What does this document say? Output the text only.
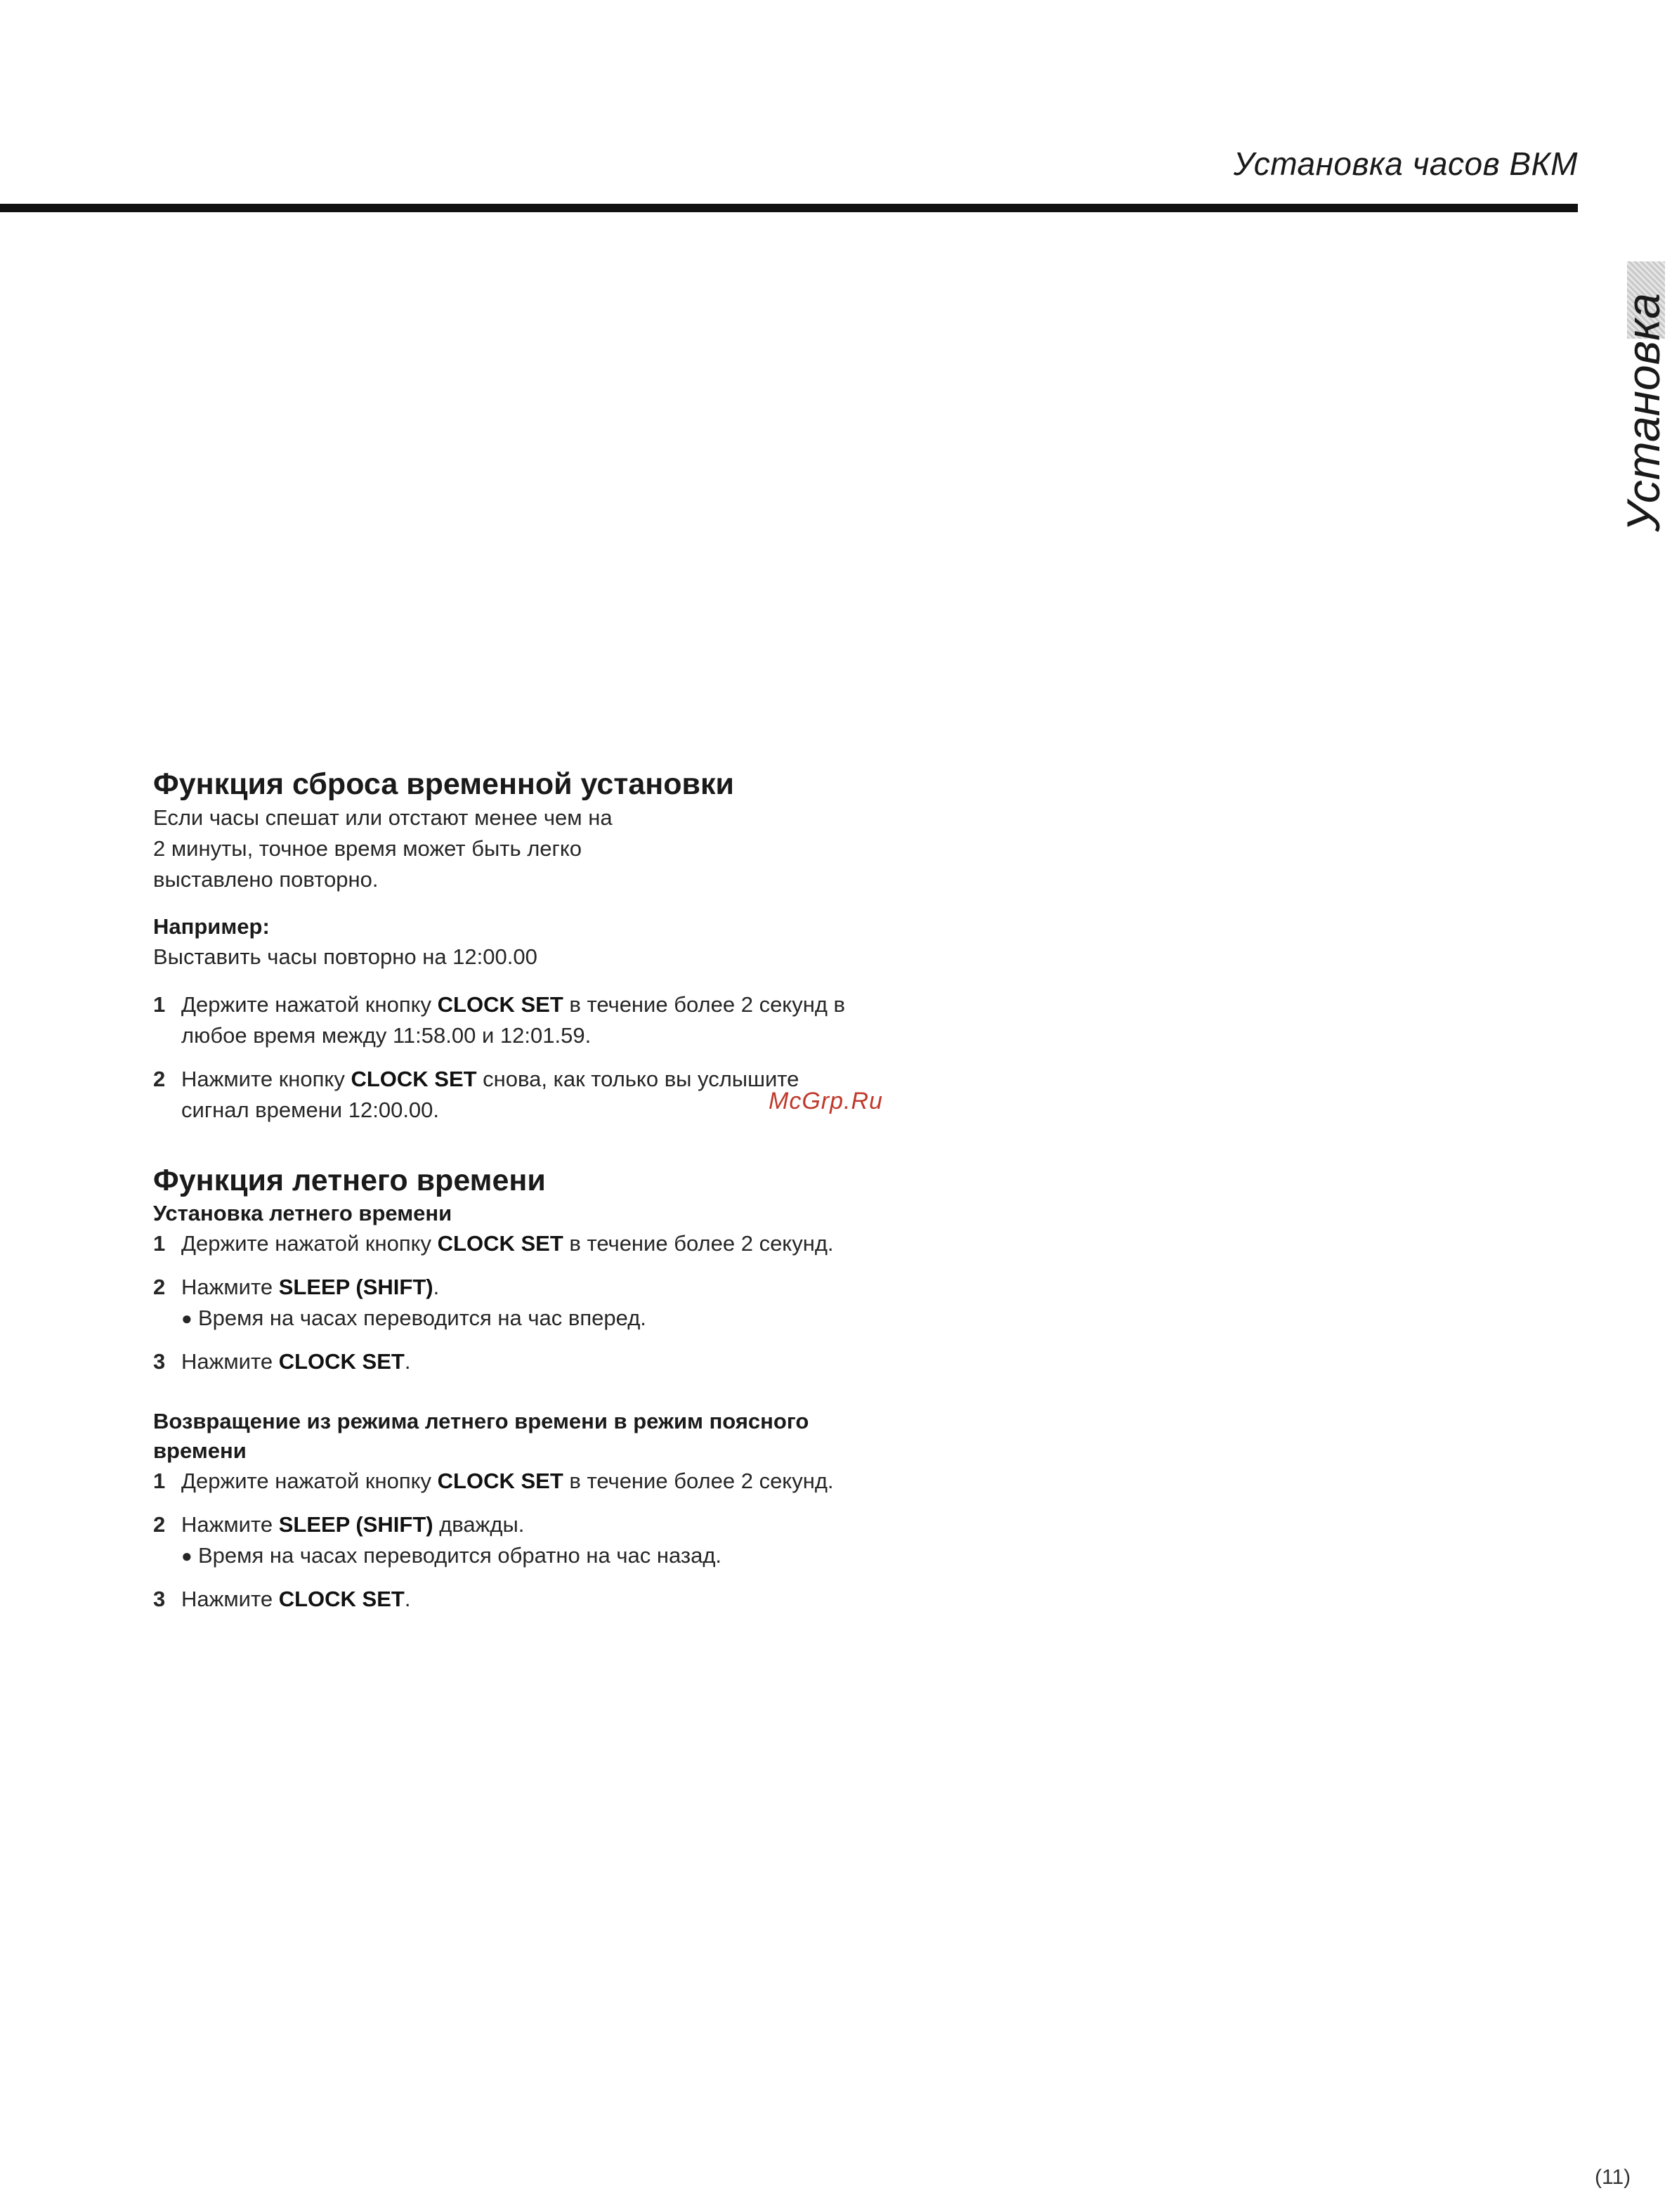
Установка часов ВКМ
Установка
Функция сброса временной установки

Если часы спешат или отстают менее чем на

2 минуты, точное время может быть легко

выставлено повторно.

Например:

Выставить часы повторно на 12:00.00

1 Держите нажатой кнопку CLOCK SET в течение более 2 секунд в любое время между 11:58.00 и 12:01.59.
2 Нажмите кнопку CLOCK SET снова, как только вы услышите сигнал времени 12:00.00.
Функция летнего времени

Установка летнего времени

1 Держите нажатой кнопку CLOCK SET в течение более 2 секунд.
2 Нажмите SLEEP (SHIFT).
● Время на часах переводится на час вперед.
3 Нажмите CLOCK SET.

Возвращение из режима летнего времени в режим поясного времени

1 Держите нажатой кнопку CLOCK SET в течение более 2 секунд.
2 Нажмите SLEEP (SHIFT) дважды.
● Время на часах переводится обратно на час назад.
3 Нажмите CLOCK SET.
McGrp.Ru
(11)
